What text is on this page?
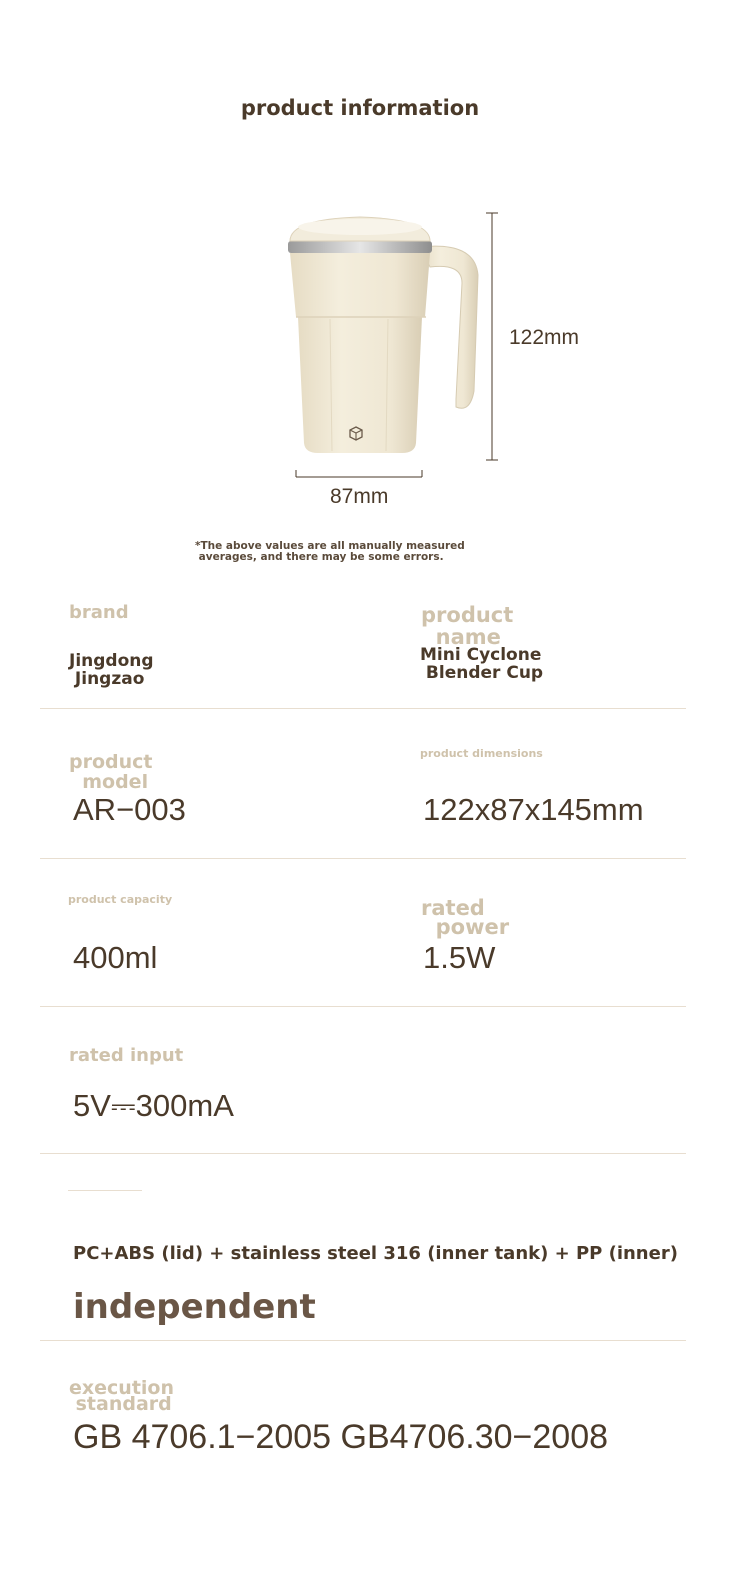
product information
122mm
87mm
*The above values are all manually measured
averages, and there may be some errors.
brand
Jingdong
Jingzao
product
name
Mini Cyclone
Blender Cup
product
model
AR−003
product dimensions
122x87x145mm
product capacity
400ml
rated
power
1.5W
rated input
5V⎓300mA
PC+ABS (lid) + stainless steel 316 (inner tank) + PP (inner)
independent
execution
standard
GB 4706.1−2005 GB4706.30−2008
